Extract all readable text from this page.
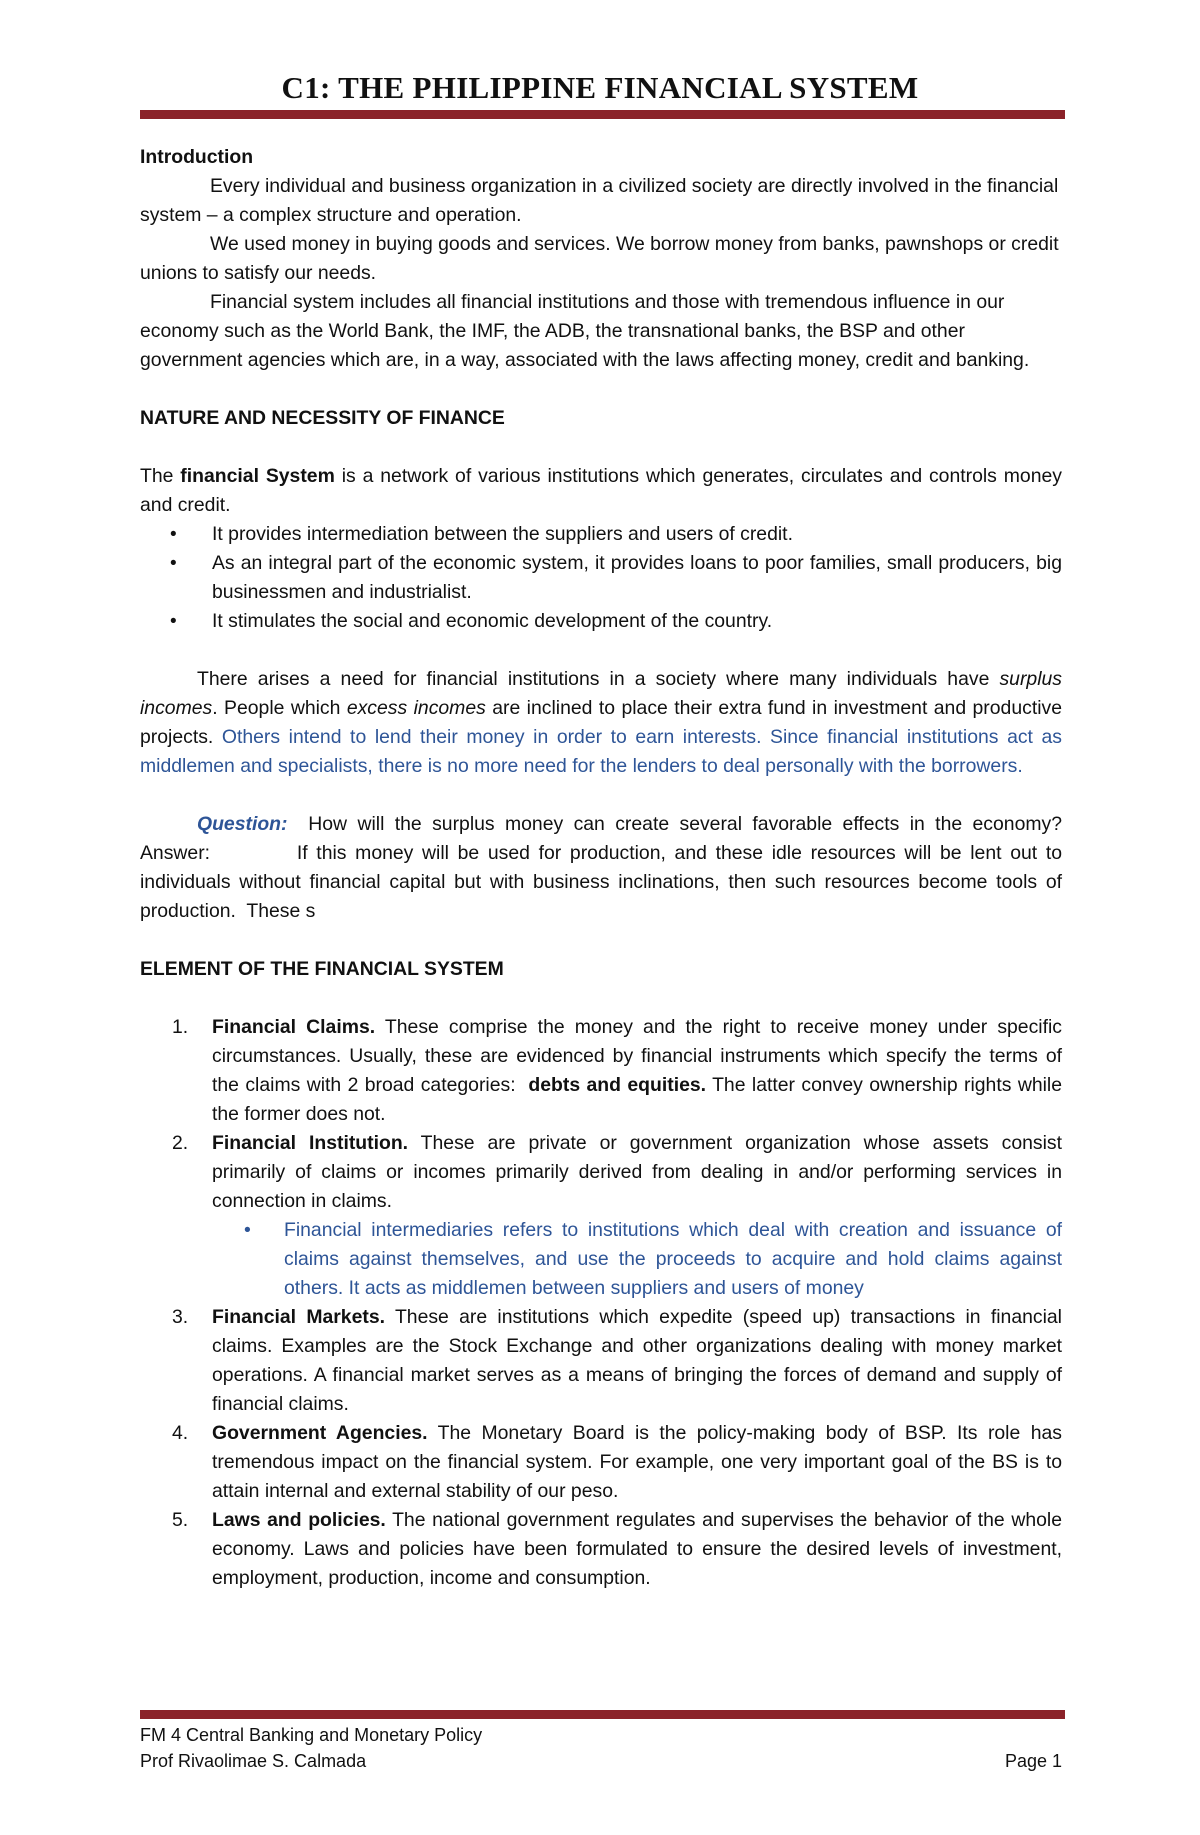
C1: THE PHILIPPINE FINANCIAL SYSTEM

Introduction

Every individual and business organization in a civilized society are directly involved in the financial system – a complex structure and operation.

We used money in buying goods and services. We borrow money from banks, pawnshops or credit unions to satisfy our needs.

Financial system includes all financial institutions and those with tremendous influence in our economy such as the World Bank, the IMF, the ADB, the transnational banks, the BSP and other government agencies which are, in a way, associated with the laws affecting money, credit and banking.

NATURE AND NECESSITY OF FINANCE

The financial System is a network of various institutions which generates, circulates and controls money and credit.

• It provides intermediation between the suppliers and users of credit.
• As an integral part of the economic system, it provides loans to poor families, small producers, big businessmen and industrialist.
• It stimulates the social and economic development of the country.

There arises a need for financial institutions in a society where many individuals have surplus incomes. People which excess incomes are inclined to place their extra fund in investment and productive projects. Others intend to lend their money in order to earn interests. Since financial institutions act as middlemen and specialists, there is no more need for the lenders to deal personally with the borrowers.

Question:  How will the surplus money can create several favorable effects in the economy?    Answer:          If this money will be used for production, and these idle resources will be lent out to individuals without financial capital but with business inclinations, then such resources become tools of production.  These s

ELEMENT OF THE FINANCIAL SYSTEM

1. Financial Claims. These comprise the money and the right to receive money under specific circumstances. Usually, these are evidenced by financial instruments which specify the terms of the claims with 2 broad categories:  debts and equities. The latter convey ownership rights while the former does not.
2. Financial Institution. These are private or government organization whose assets consist primarily of claims or incomes primarily derived from dealing in and/or performing services in connection in claims.
• Financial intermediaries refers to institutions which deal with creation and issuance of claims against themselves, and use the proceeds to acquire and hold claims against others. It acts as middlemen between suppliers and users of money
3. Financial Markets. These are institutions which expedite (speed up) transactions in financial claims. Examples are the Stock Exchange and other organizations dealing with money market operations. A financial market serves as a means of bringing the forces of demand and supply of financial claims.
4. Government Agencies. The Monetary Board is the policy-making body of BSP. Its role has tremendous impact on the financial system. For example, one very important goal of the BS is to attain internal and external stability of our peso.
5. Laws and policies. The national government regulates and supervises the behavior of the whole economy. Laws and policies have been formulated to ensure the desired levels of investment, employment, production, income and consumption.
FM 4 Central Banking and Monetary Policy
Prof Rivaolimae S. Calmada	Page 1
